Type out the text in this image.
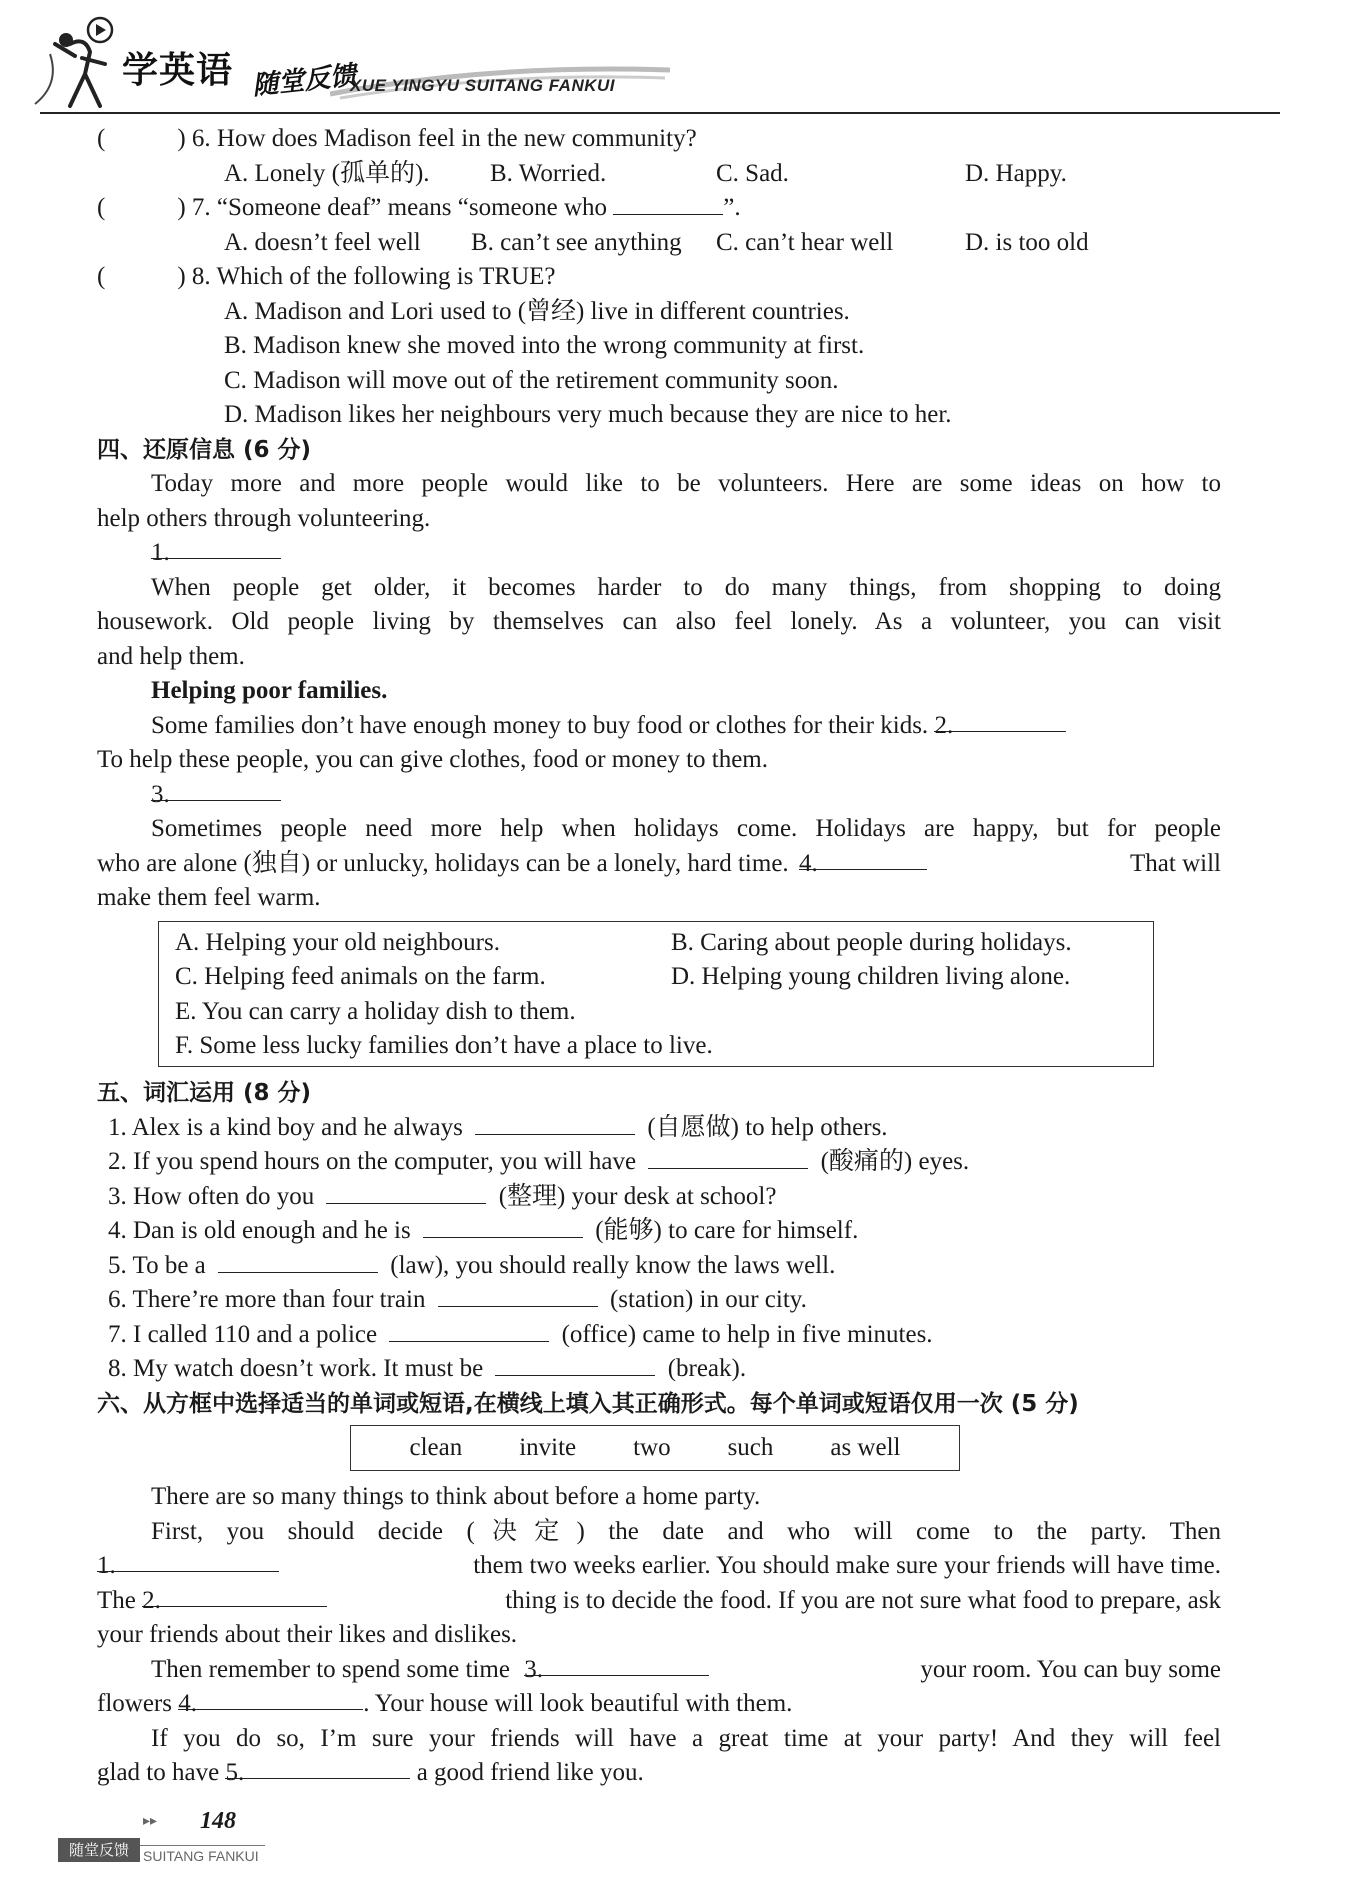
学英语 随堂反馈
XUE YINGYU SUITANG FANKUI
(	) 6. How does Madison feel in the new community?
A. Lonely (孤单的). B. Worried.	C. Sad.	D. Happy.
(	) 7. “Someone deaf” means “someone who	”.
A. doesn’t feel well B. can’t see anything C. can’t hear well	D. is too old
(	) 8. Which of the following is TRUE?
A. Madison and Lori used to (曾经) live in different countries.
B. Madison knew she moved into the wrong community at first.
C. Madison will move out of the retirement community soon.
D. Madison likes her neighbours very much because they are nice to her.
四、还原信息 (6 分)
Today more and more people would like to be volunteers. Here are some ideas on how to
help others through volunteering.
1.
When people get older, it becomes harder to do many things, from shopping to doing
housework. Old people living by themselves can also feel lonely. As a volunteer, you can visit
and help them.
Helping poor families.
Some families don’t have enough money to buy food or clothes for their kids. 2.
To help these people, you can give clothes, food or money to them.
3.
Sometimes people need more help when holidays come. Holidays are happy, but for people
who are alone (独自) or unlucky, holidays can be a lonely, hard time. 4.	That will
make them feel warm.
A. Helping your old neighbours.	B. Caring about people during holidays.
C. Helping feed animals on the farm.	D. Helping young children living alone.
E. You can carry a holiday dish to them.
F. Some less lucky families don’t have a place to live.
五、词汇运用 (8 分)
1. Alex is a kind boy and he always	(自愿做) to help others.
2. If you spend hours on the computer, you will have	(酸痛的) eyes.
3. How often do you	(整理) your desk at school?
4. Dan is old enough and he is	(能够) to care for himself.
5. To be a	(law), you should really know the laws well.
6. There’re more than four train	(station) in our city.
7. I called 110 and a police	(office) came to help in five minutes.
8. My watch doesn’t work. It must be	(break).
六、从方框中选择适当的单词或短语,在横线上填入其正确形式。每个单词或短语仅用一次 (5 分)
clean invite two such as well
There are so many things to think about before a home party.
First, you should decide (决定) the date and who will come to the party. Then
1.	them two weeks earlier. You should make sure your friends will have time.
The 2.	thing is to decide the food. If you are not sure what food to prepare, ask
your friends about their likes and dislikes.
Then remember to spend some time 3.	your room. You can buy some
flowers 4.	. Your house will look beautiful with them.
If you do so, I’m sure your friends will have a great time at your party! And they will feel
glad to have 5.	a good friend like you.
▸▸ 148
随堂反馈	SUITANG FANKUI
